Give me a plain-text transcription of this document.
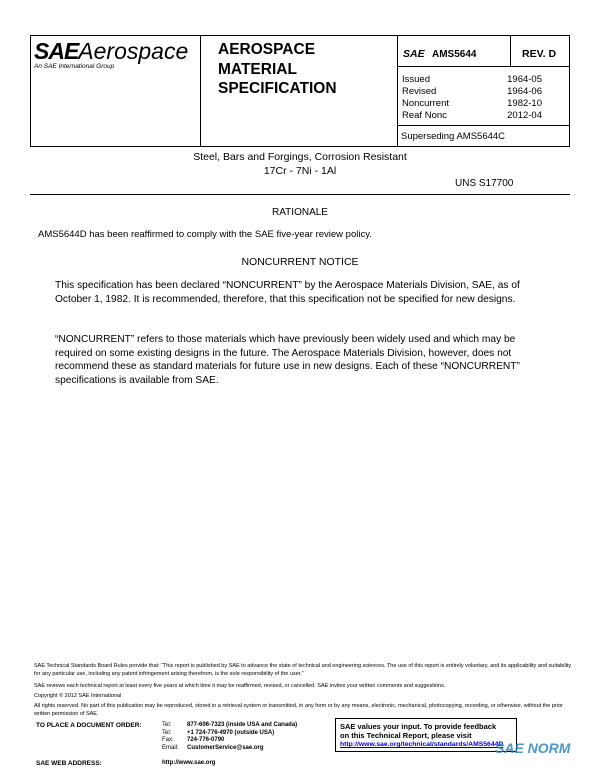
SAEAerospace
An SAE International Group
AEROSPACE
MATERIAL
SPECIFICATION
SAE AMS5644	REV. D
Issued	1964-05
Revised	1964-06
Noncurrent	1982-10
Reaf Nonc	2012-04
Superseding AMS5644C
Steel, Bars and Forgings, Corrosion Resistant
17Cr - 7Ni - 1Al
UNS S17700
RATIONALE
AMS5644D has been reaffirmed to comply with the SAE five-year review policy.
NONCURRENT NOTICE
This specification has been declared “NONCURRENT” by the Aerospace Materials Division, SAE, as of October 1, 1982. It is recommended, therefore, that this specification not be specified for new designs.
“NONCURRENT” refers to those materials which have previously been widely used and which may be required on some existing designs in the future. The Aerospace Materials Division, however, does not recommend these as standard materials for future use in new designs. Each of these “NONCURRENT” specifications is available from SAE.
SAE Technical Standards Board Rules provide that: “This report is published by SAE to advance the state of technical and engineering sciences. The use of this report is entirely voluntary, and its applicability and suitability for any particular use, including any patent infringement arising therefrom, is the sole responsibility of the user.”
SAE reviews each technical report at least every five years at which time it may be reaffirmed, revised, or cancelled. SAE invites your written comments and suggestions.
Copyright © 2012 SAE International
All rights reserved. No part of this publication may be reproduced, stored in a retrieval system or transmitted, in any form or by any means, electronic, mechanical, photocopying, recording, or otherwise, without the prior written permission of SAE.
TO PLACE A DOCUMENT ORDER:	Tel:	877-606-7323 (inside USA and Canada)
Tel:	+1 724-776-4970 (outside USA)
Fax:	724-776-0790
Email:	CustomerService@sae.org
SAE WEB ADDRESS:	http://www.sae.org
SAE values your input. To provide feedback
on this Technical Report, please visit
http://www.sae.org/technical/standards/AMS5644D
SAE NORM
